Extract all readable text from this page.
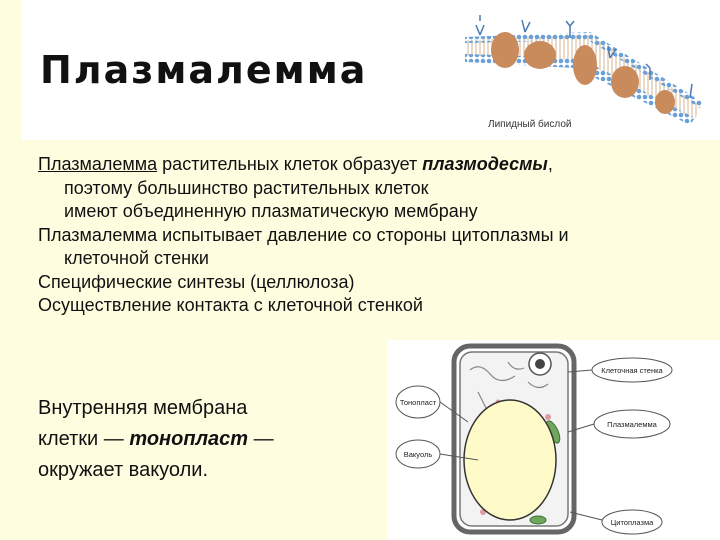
Плазмалемма
Липидный бислой
Плазмалемма растительных клеток образует плазмодесмы,
поэтому большинство растительных клеток имеют объединенную плазматическую мембрану
Плазмалемма испытывает давление со стороны цитоплазмы и
клеточной стенки
Специфические синтезы (целлюлоза)
Осуществление контакта с клеточной стенкой
Внутренняя мембрана
клетки — тонопласт —
окружает вакуоли.
Клеточная стенка
Тонопласт
Плазмалемма
Вакуоль
Цитоплазма
